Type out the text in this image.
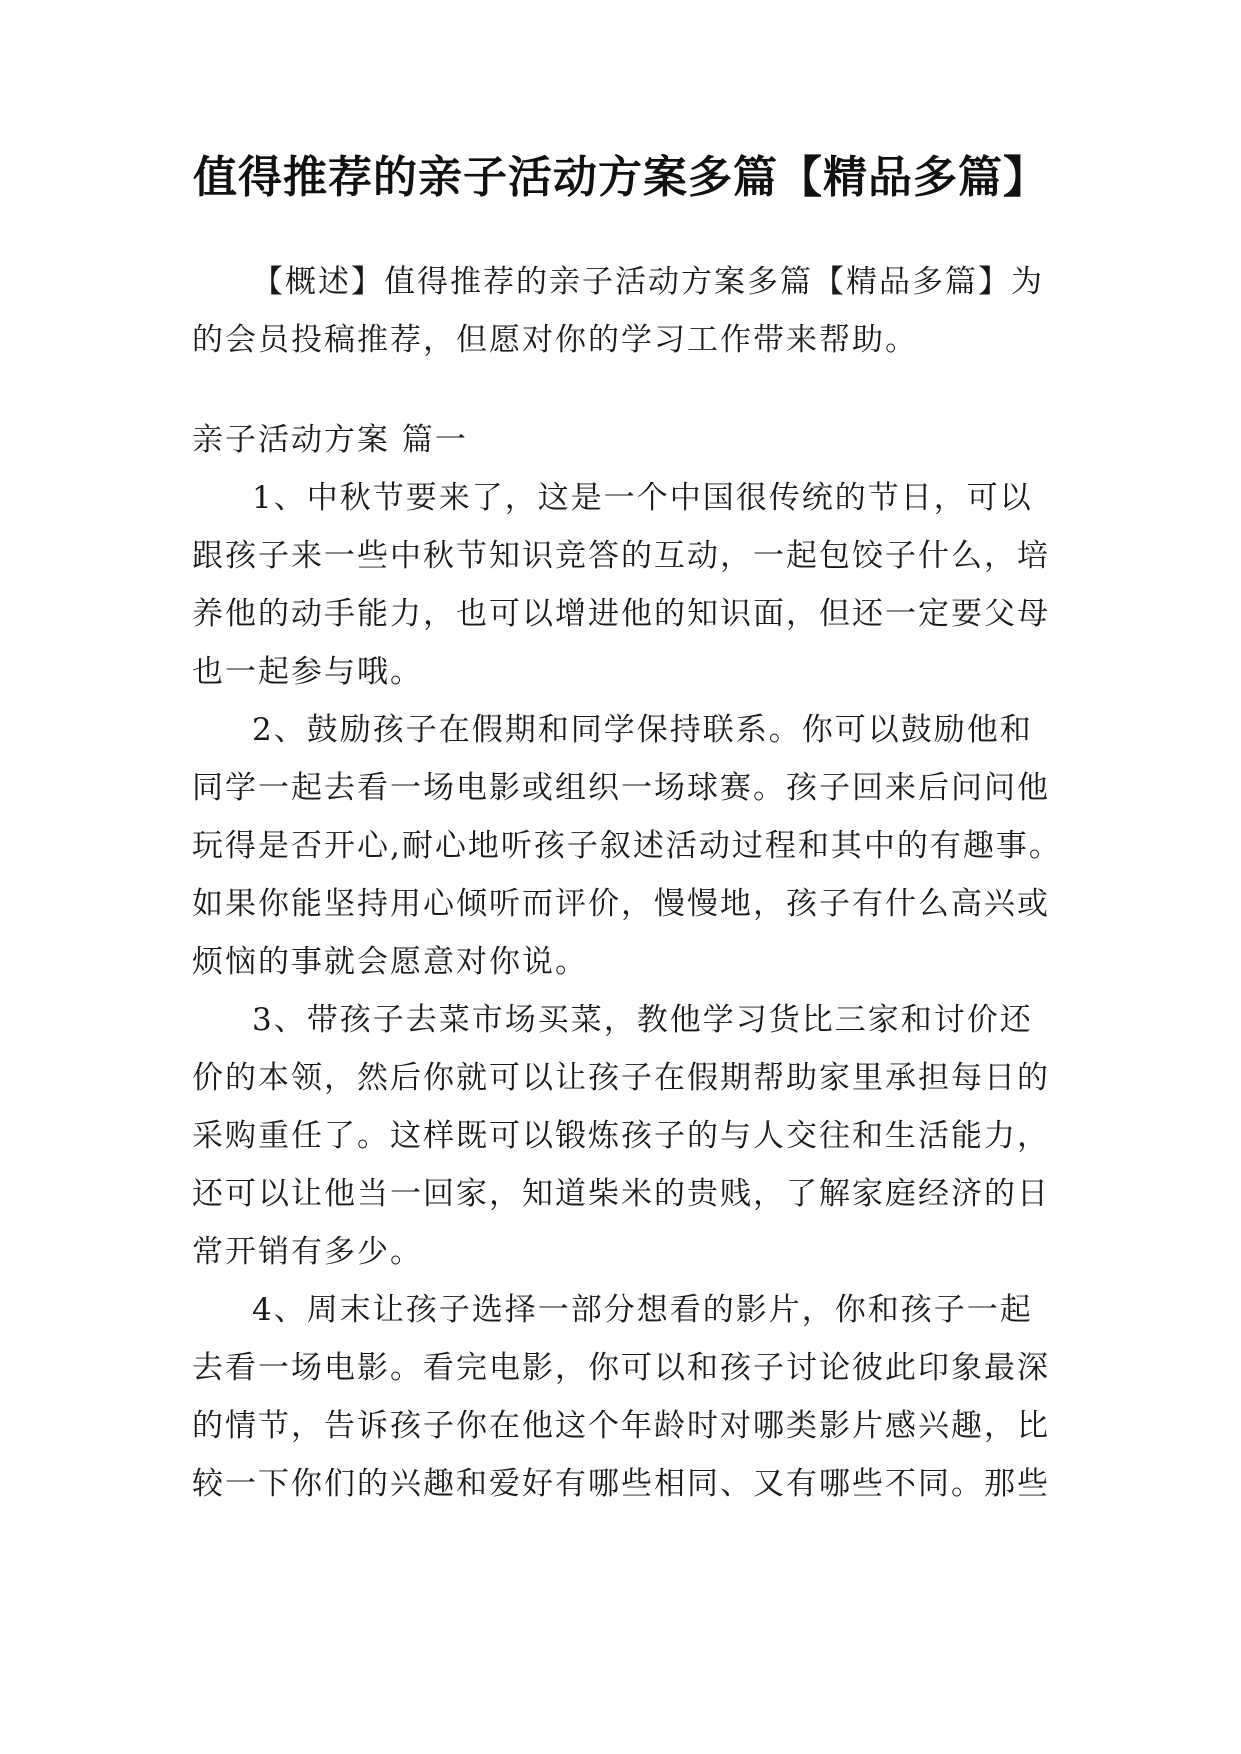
值得推荐的亲子活动方案多篇【精品多篇】
【概述】值得推荐的亲子活动方案多篇【精品多篇】为
的会员投稿推荐，但愿对你的学习工作带来帮助。
亲子活动方案 篇一
1、中秋节要来了，这是一个中国很传统的节日，可以
跟孩子来一些中秋节知识竞答的互动，一起包饺子什么，培
养他的动手能力，也可以增进他的知识面，但还一定要父母
也一起参与哦。
2、鼓励孩子在假期和同学保持联系。你可以鼓励他和
同学一起去看一场电影或组织一场球赛。孩子回来后问问他
玩得是否开心,耐心地听孩子叙述活动过程和其中的有趣事。
如果你能坚持用心倾听而评价，慢慢地，孩子有什么高兴或
烦恼的事就会愿意对你说。
3、带孩子去菜市场买菜，教他学习货比三家和讨价还
价的本领，然后你就可以让孩子在假期帮助家里承担每日的
采购重任了。这样既可以锻炼孩子的与人交往和生活能力，
还可以让他当一回家，知道柴米的贵贱，了解家庭经济的日
常开销有多少。
4、周末让孩子选择一部分想看的影片，你和孩子一起
去看一场电影。看完电影，你可以和孩子讨论彼此印象最深
的情节，告诉孩子你在他这个年龄时对哪类影片感兴趣，比
较一下你们的兴趣和爱好有哪些相同、又有哪些不同。那些
